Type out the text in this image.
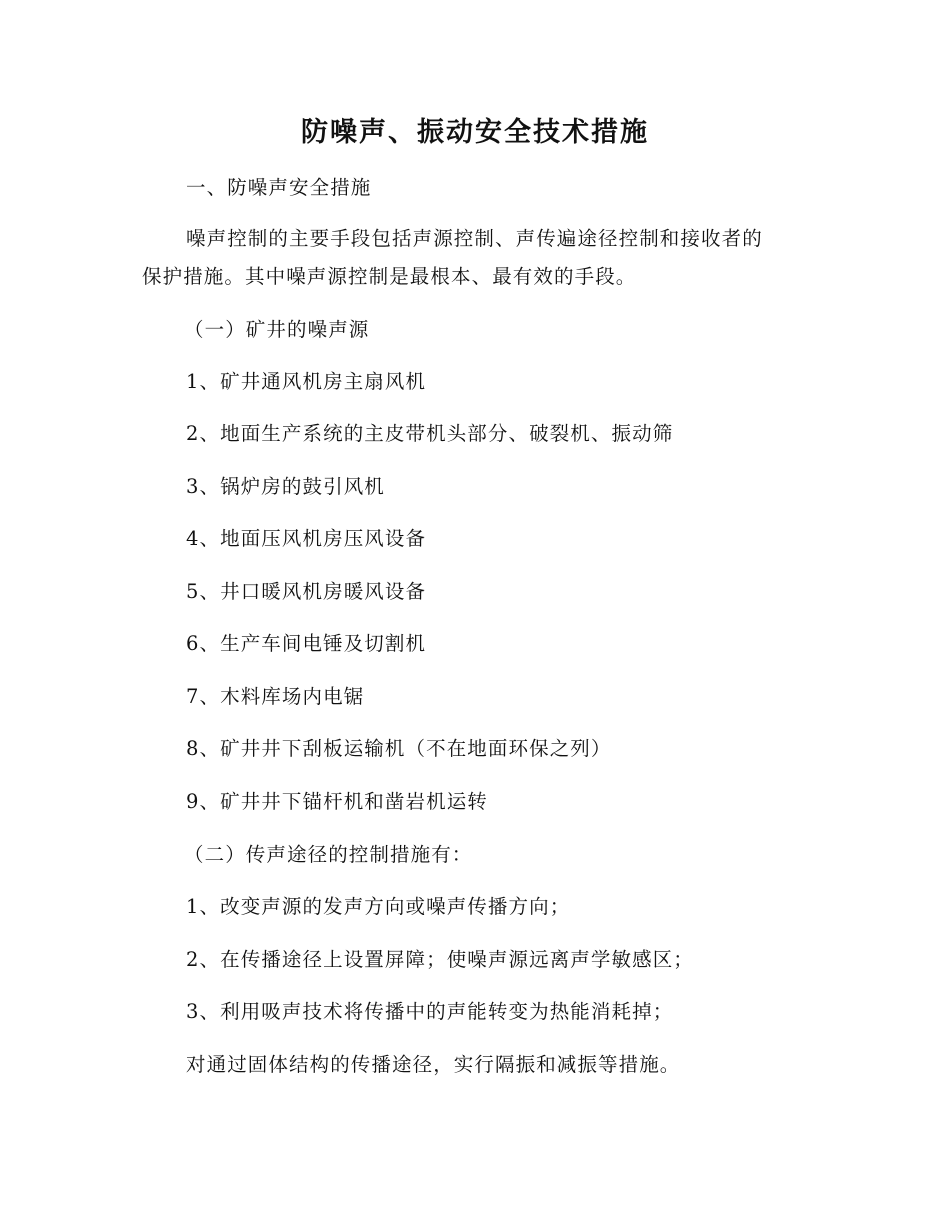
防噪声、振动安全技术措施
一、防噪声安全措施
噪声控制的主要手段包括声源控制、声传遍途径控制和接收者的
保护措施。其中噪声源控制是最根本、最有效的手段。
（一）矿井的噪声源
1、矿井通风机房主扇风机
2、地面生产系统的主皮带机头部分、破裂机、振动筛
3、锅炉房的鼓引风机
4、地面压风机房压风设备
5、井口暖风机房暖风设备
6、生产车间电锤及切割机
7、木料库场内电锯
8、矿井井下刮板运输机（不在地面环保之列）
9、矿井井下锚杆机和凿岩机运转
（二）传声途径的控制措施有：
1、改变声源的发声方向或噪声传播方向；
2、在传播途径上设置屏障；使噪声源远离声学敏感区；
3、利用吸声技术将传播中的声能转变为热能消耗掉；
对通过固体结构的传播途径，实行隔振和减振等措施。
